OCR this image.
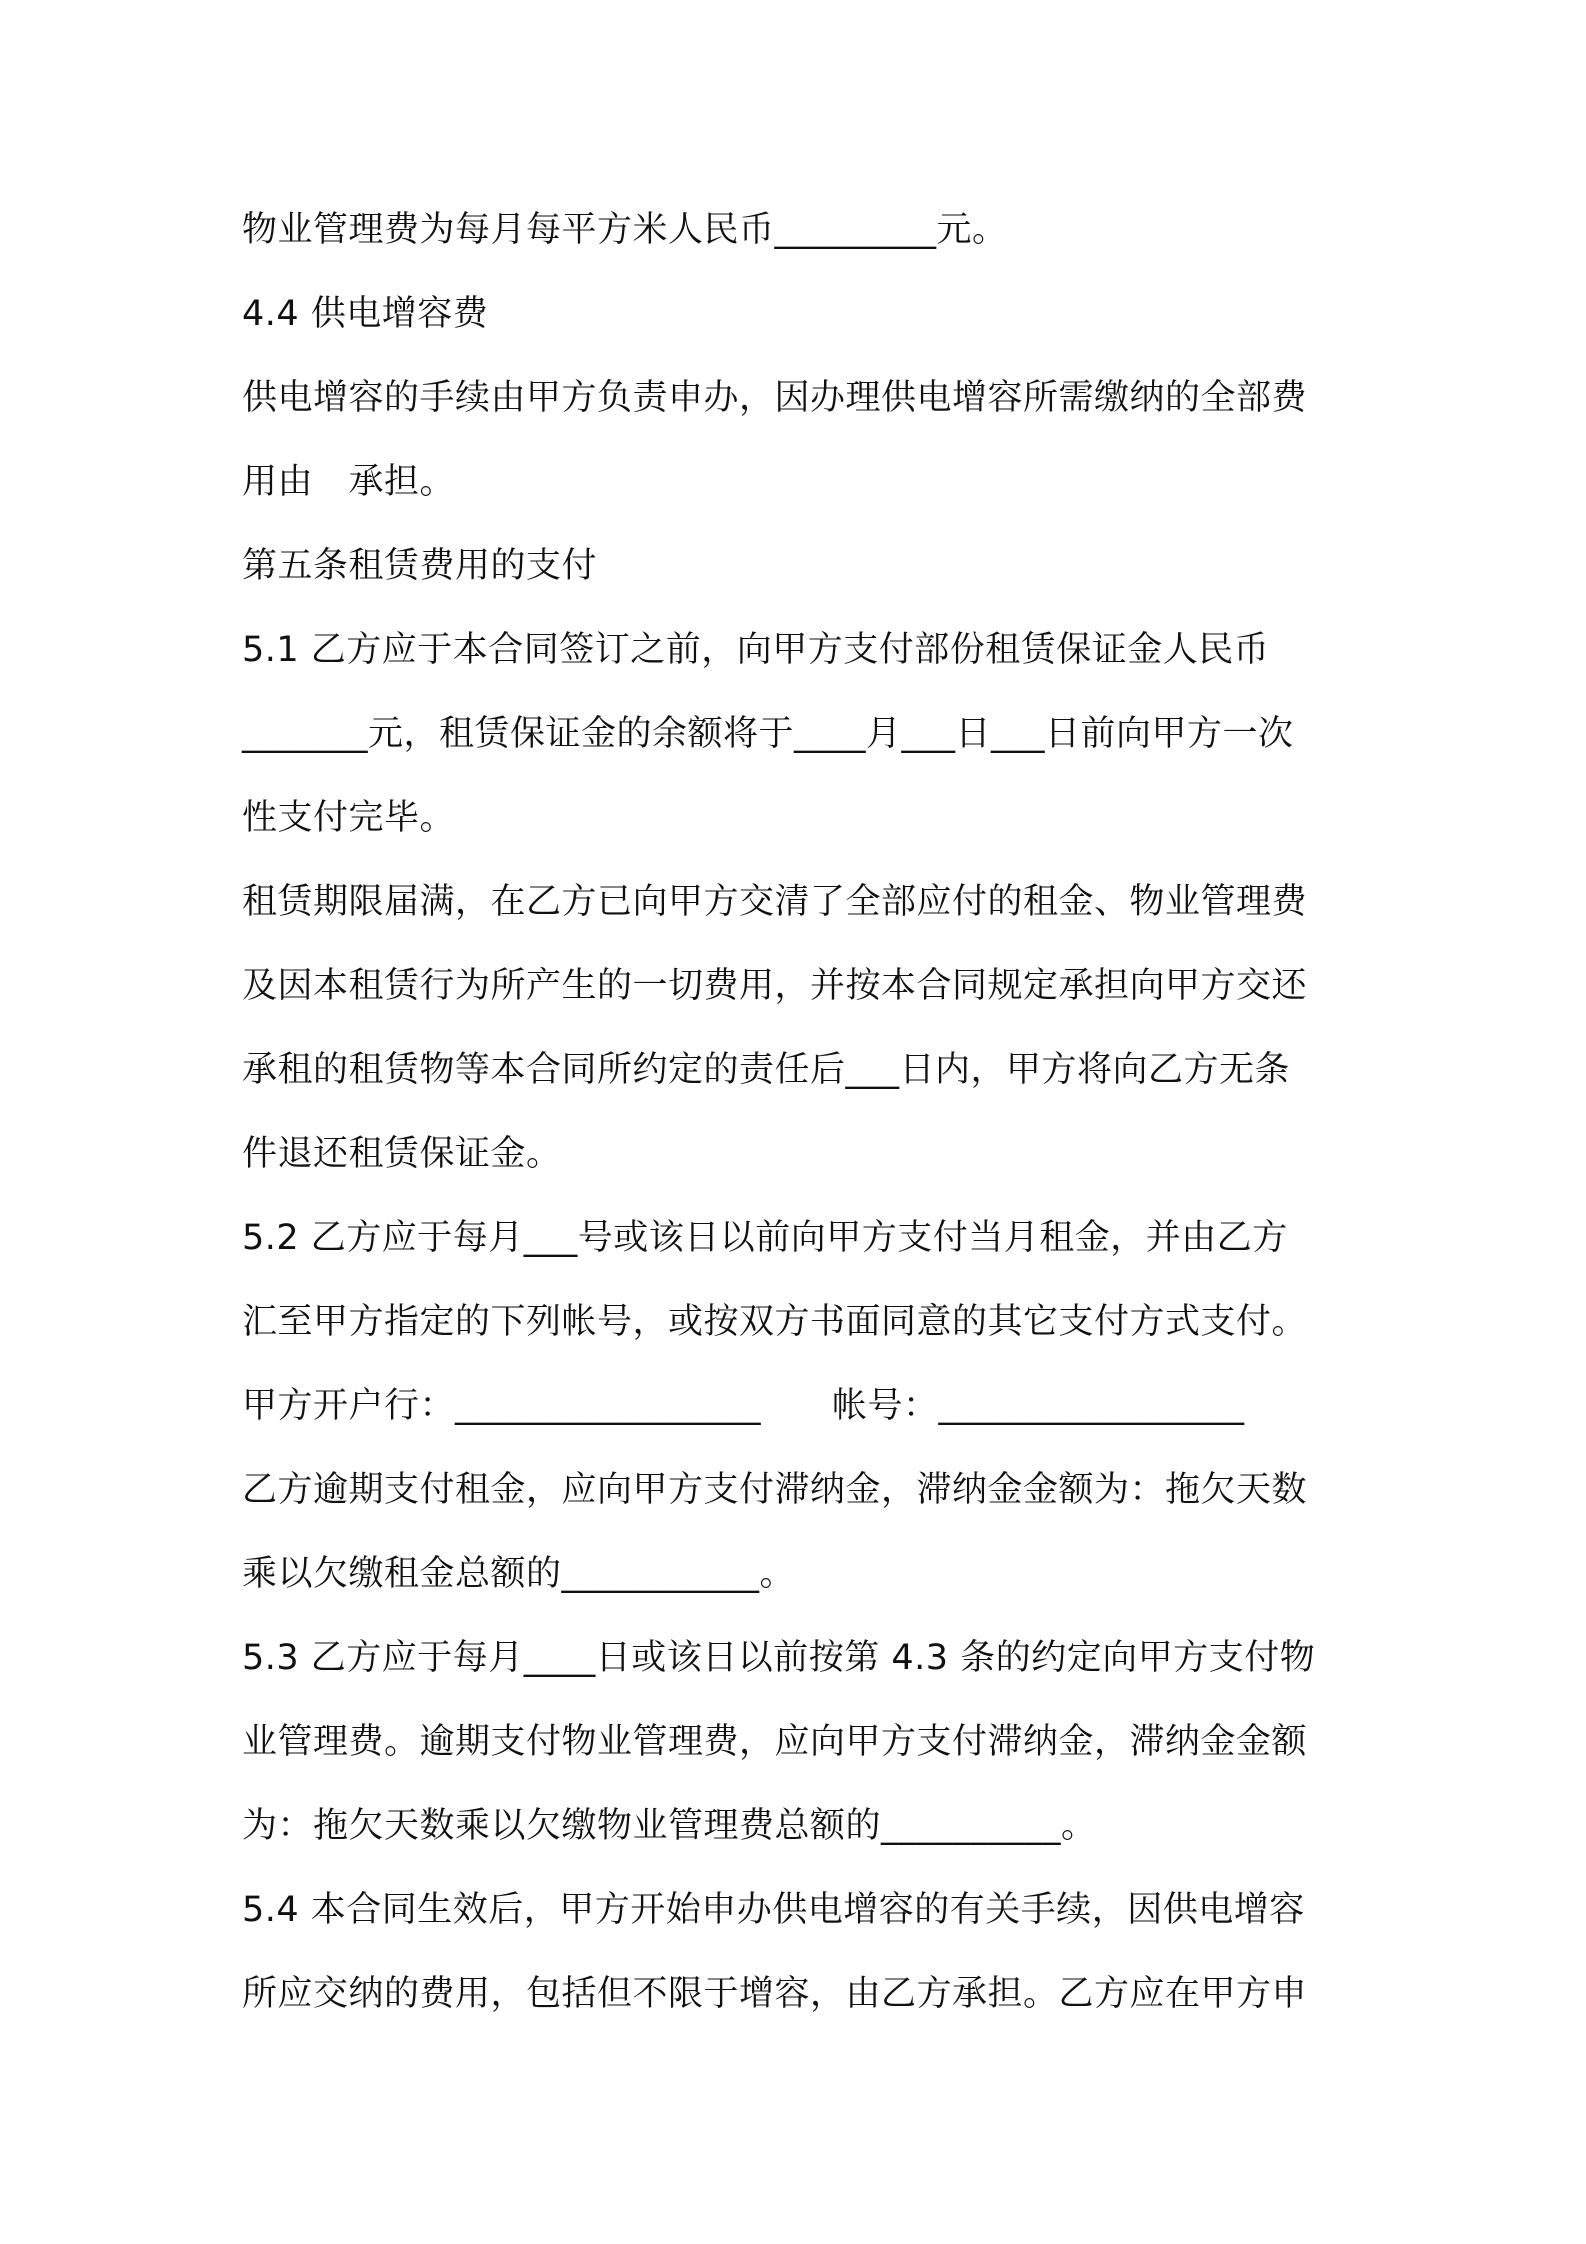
物业管理费为每月每平方米人民币_________元。
4.4 供电增容费
供电增容的手续由甲方负责申办，因办理供电增容所需缴纳的全部费
用由　承担。
第五条租赁费用的支付
5.1 乙方应于本合同签订之前，向甲方支付部份租赁保证金人民币
_______元，租赁保证金的余额将于____月___日___日前向甲方一次
性支付完毕。
租赁期限届满，在乙方已向甲方交清了全部应付的租金、物业管理费
及因本租赁行为所产生的一切费用，并按本合同规定承担向甲方交还
承租的租赁物等本合同所约定的责任后___日内，甲方将向乙方无条
件退还租赁保证金。
5.2 乙方应于每月___号或该日以前向甲方支付当月租金，并由乙方
汇至甲方指定的下列帐号，或按双方书面同意的其它支付方式支付。
甲方开户行：_________________　　帐号：_________________
乙方逾期支付租金，应向甲方支付滞纳金，滞纳金金额为：拖欠天数
乘以欠缴租金总额的___________。
5.3 乙方应于每月____日或该日以前按第 4.3 条的约定向甲方支付物
业管理费。逾期支付物业管理费，应向甲方支付滞纳金，滞纳金金额
为：拖欠天数乘以欠缴物业管理费总额的__________。
5.4 本合同生效后，甲方开始申办供电增容的有关手续，因供电增容
所应交纳的费用，包括但不限于增容，由乙方承担。乙方应在甲方申
